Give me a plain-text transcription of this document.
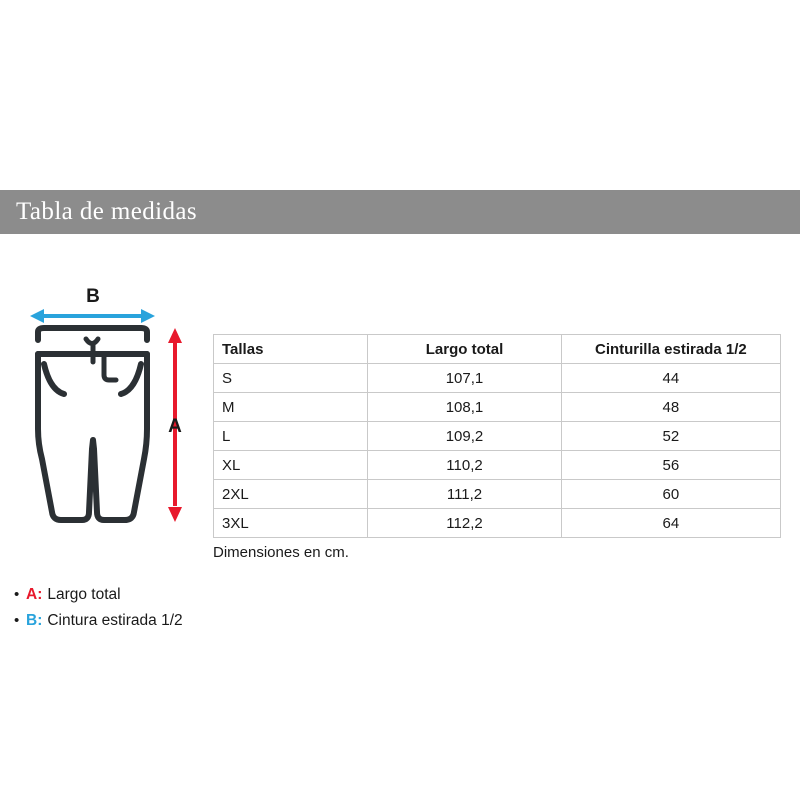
Tabla de medidas
B
A
Tallas	Largo total	Cinturilla estirada 1/2
S	107,1	44
M	108,1	48
L	109,2	52
XL	110,2	56
2XL	111,2	60
3XL	112,2	64
Dimensiones en cm.
• A: Largo total
• B: Cintura estirada 1/2
